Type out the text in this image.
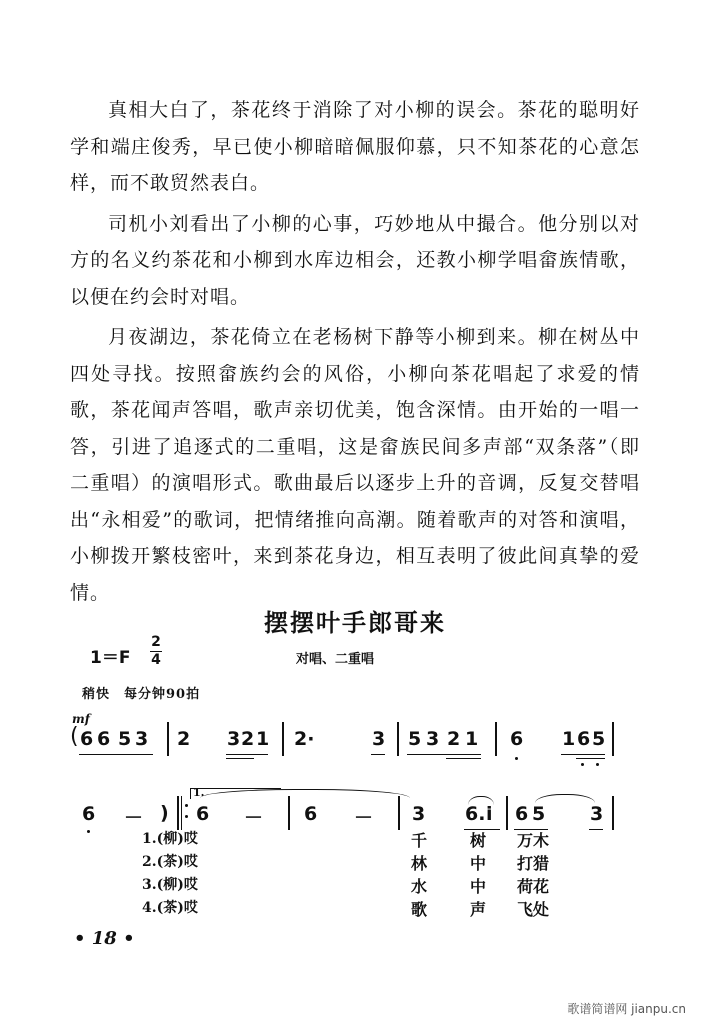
真相大白了，茶花终于消除了对小柳的误会。茶花的聪明好学和端庄俊秀，早已使小柳暗暗佩服仰慕，只不知茶花的心意怎样，而不敢贸然表白。

司机小刘看出了小柳的心事，巧妙地从中撮合。他分别以对方的名义约茶花和小柳到水库边相会，还教小柳学唱畲族情歌，以便在约会时对唱。

月夜湖边，茶花倚立在老杨树下静等小柳到来。柳在树丛中四处寻找。按照畲族约会的风俗，小柳向茶花唱起了求爱的情歌，茶花闻声答唱，歌声亲切优美，饱含深情。由开始的一唱一答，引进了追逐式的二重唱，这是畲族民间多声部“双条落”（即二重唱）的演唱形式。歌曲最后以逐步上升的音调，反复交替唱出“永相爱”的歌词，把情绪推向高潮。随着歌声的对答和演唱，小柳拨开繁枝密叶，来到茶花身边，相互表明了彼此间真挚的爱情。

摆摆叶手郎哥来
1＝F
2
4	对唱、二重唱
稍快　每分钟90拍
mf
( 6 6 5 3 2 3 2 1 2·	3 5 3 2 1 6 1 6 5
6 － )
1.
6 － 6 － 3 6. i 6 5 3
1.(柳)哎	千	树 万木
2.(茶)哎	林	中 打猎
3.(柳)哎	水	中 荷花
4.(茶)哎	歌	声 飞处
• 18 •
歌谱简谱网 jianpu.cn
